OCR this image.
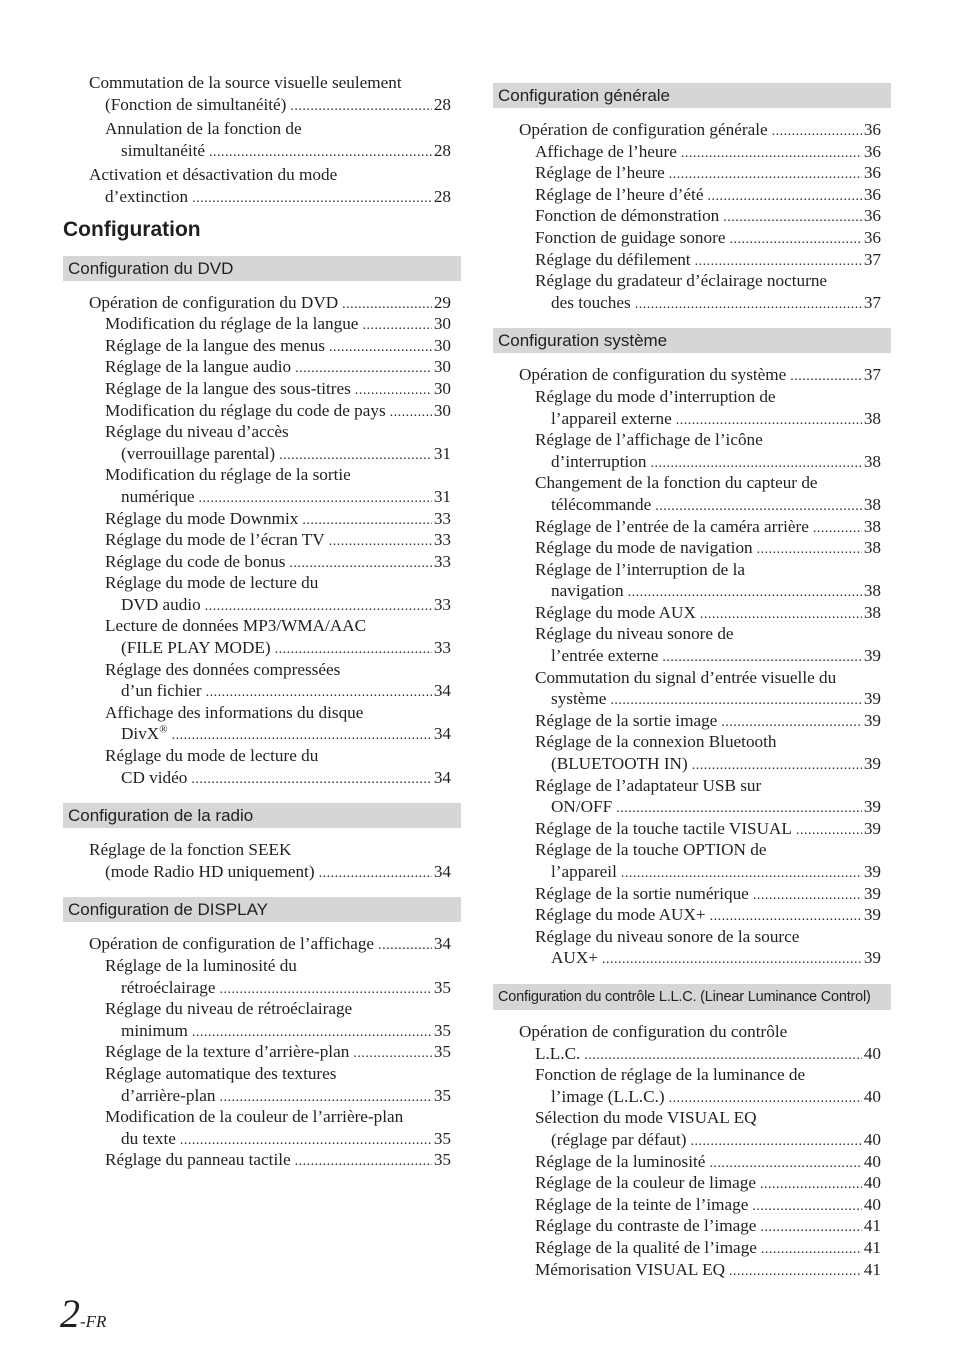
Commutation de la source visuelle seulement
(Fonction de simultanéité) .....	28
Annulation de la fonction de
simultanéité .....	28
Activation et désactivation du mode
d’extinction .....	28
Configuration
Configuration du DVD
Opération de configuration du DVD .....	29
Modification du réglage de la langue .....	30
Réglage de la langue des menus .....	30
Réglage de la langue audio .....	30
Réglage de la langue des sous-titres .....	30
Modification du réglage du code de pays .....	30
Réglage du niveau d’accès
(verrouillage parental) .....	31
Modification du réglage de la sortie
numérique .....	31
Réglage du mode Downmix .....	33
Réglage du mode de l’écran TV .....	33
Réglage du code de bonus .....	33
Réglage du mode de lecture du
DVD audio .....	33
Lecture de données MP3/WMA/AAC
(FILE PLAY MODE) .....	33
Réglage des données compressées
d’un fichier .....	34
Affichage des informations du disque
DivX® .....	34
Réglage du mode de lecture du
CD vidéo .....	34
Configuration de la radio
Réglage de la fonction SEEK
(mode Radio HD uniquement) .....	34
Configuration de DISPLAY
Opération de configuration de l’affichage .....	34
Réglage de la luminosité du
rétroéclairage .....	35
Réglage du niveau de rétroéclairage
minimum .....	35
Réglage de la texture d’arrière-plan .....	35
Réglage automatique des textures
d’arrière-plan .....	35
Modification de la couleur de l’arrière-plan
du texte .....	35
Réglage du panneau tactile .....	35
Configuration générale
Opération de configuration générale .....	36
Affichage de l’heure .....	36
Réglage de l’heure .....	36
Réglage de l’heure d’été .....	36
Fonction de démonstration .....	36
Fonction de guidage sonore .....	36
Réglage du défilement .....	37
Réglage du gradateur d’éclairage nocturne
des touches .....	37
Configuration système
Opération de configuration du système .....	37
Réglage du mode d’interruption de
l’appareil externe .....	38
Réglage de l’affichage de l’icône
d’interruption .....	38
Changement de la fonction du capteur de
télécommande .....	38
Réglage de l’entrée de la caméra arrière .....	38
Réglage du mode de navigation .....	38
Réglage de l’interruption de la
navigation .....	38
Réglage du mode AUX .....	38
Réglage du niveau sonore de
l’entrée externe .....	39
Commutation du signal d’entrée visuelle du
système .....	39
Réglage de la sortie image .....	39
Réglage de la connexion Bluetooth
(BLUETOOTH IN) .....	39
Réglage de l’adaptateur USB sur
ON/OFF .....	39
Réglage de la touche tactile VISUAL .....	39
Réglage de la touche OPTION de
l’appareil .....	39
Réglage de la sortie numérique .....	39
Réglage du mode AUX+ .....	39
Réglage du niveau sonore de la source
AUX+ .....	39
Configuration du contrôle L.L.C. (Linear Luminance Control)
Opération de configuration du contrôle
L.L.C. .....	40
Fonction de réglage de la luminance de
l’image (L.L.C.) .....	40
Sélection du mode VISUAL EQ
(réglage par défaut) .....	40
Réglage de la luminosité .....	40
Réglage de la couleur de limage .....	40
Réglage de la teinte de l’image .....	40
Réglage du contraste de l’image .....	41
Réglage de la qualité de l’image .....	41
Mémorisation VISUAL EQ .....	41
2-FR
